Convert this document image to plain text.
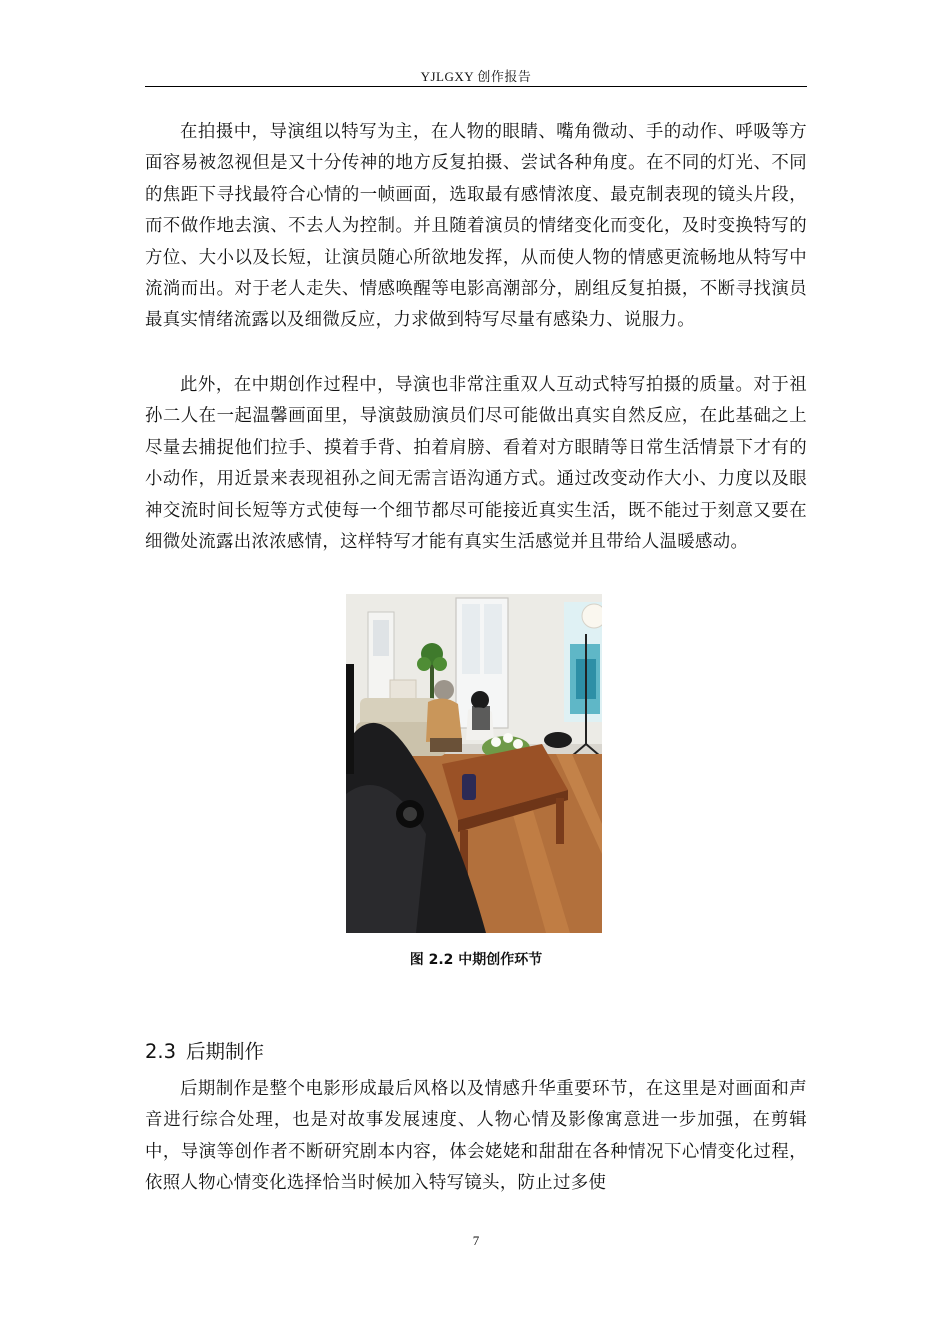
YJLGXY 创作报告

在拍摄中，导演组以特写为主，在人物的眼睛、嘴角微动、手的动作、呼吸等方面容易被忽视但是又十分传神的地方反复拍摄、尝试各种角度。在不同的灯光、不同的焦距下寻找最符合心情的一帧画面，选取最有感情浓度、最克制表现的镜头片段，而不做作地去演、不去人为控制。并且随着演员的情绪变化而变化，及时变换特写的方位、大小以及长短，让演员随心所欲地发挥，从而使人物的情感更流畅地从特写中流淌而出。对于老人走失、情感唤醒等电影高潮部分，剧组反复拍摄，不断寻找演员最真实情绪流露以及细微反应，力求做到特写尽量有感染力、说服力。

此外，在中期创作过程中，导演也非常注重双人互动式特写拍摄的质量。对于祖孙二人在一起温馨画面里，导演鼓励演员们尽可能做出真实自然反应，在此基础之上尽量去捕捉他们拉手、摸着手背、拍着肩膀、看着对方眼睛等日常生活情景下才有的小动作，用近景来表现祖孙之间无需言语沟通方式。通过改变动作大小、力度以及眼神交流时间长短等方式使每一个细节都尽可能接近真实生活，既不能过于刻意又要在细微处流露出浓浓感情，这样特写才能有真实生活感觉并且带给人温暖感动。

图 2.2 中期创作环节
2.3 后期制作

后期制作是整个电影形成最后风格以及情感升华重要环节，在这里是对画面和声音进行综合处理，也是对故事发展速度、人物心情及影像寓意进一步加强，在剪辑中，导演等创作者不断研究剧本内容，体会姥姥和甜甜在各种情况下心情变化过程，依照人物心情变化选择恰当时候加入特写镜头，防止过多使

7
